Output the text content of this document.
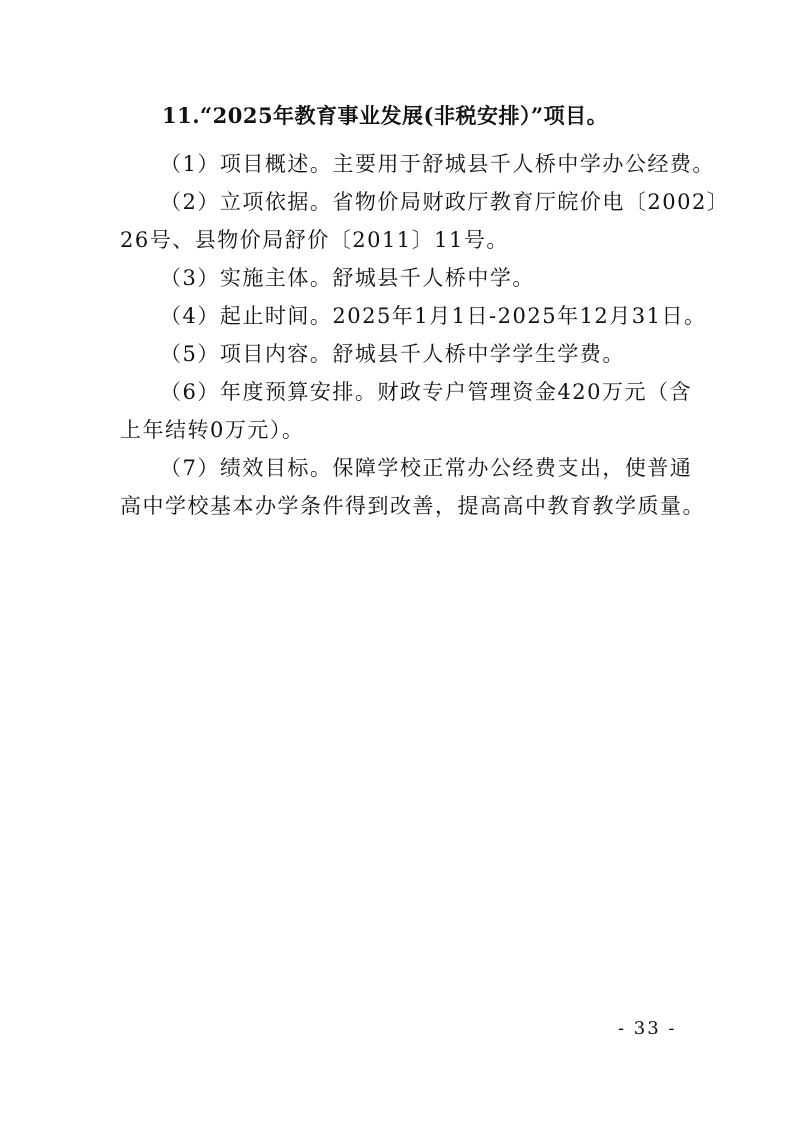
11.“2025年教育事业发展(非税安排）”项目。
（1）项目概述。主要用于舒城县千人桥中学办公经费。
（2）立项依据。省物价局财政厅教育厅皖价电〔2002〕
26号、县物价局舒价〔2011〕11号。
（3）实施主体。舒城县千人桥中学。
（4）起止时间。2025年1月1日-2025年12月31日。
（5）项目内容。舒城县千人桥中学学生学费。
（6）年度预算安排。财政专户管理资金420万元（含
上年结转0万元）。
（7）绩效目标。保障学校正常办公经费支出，使普通
高中学校基本办学条件得到改善，提高高中教育教学质量。
- 33 -
